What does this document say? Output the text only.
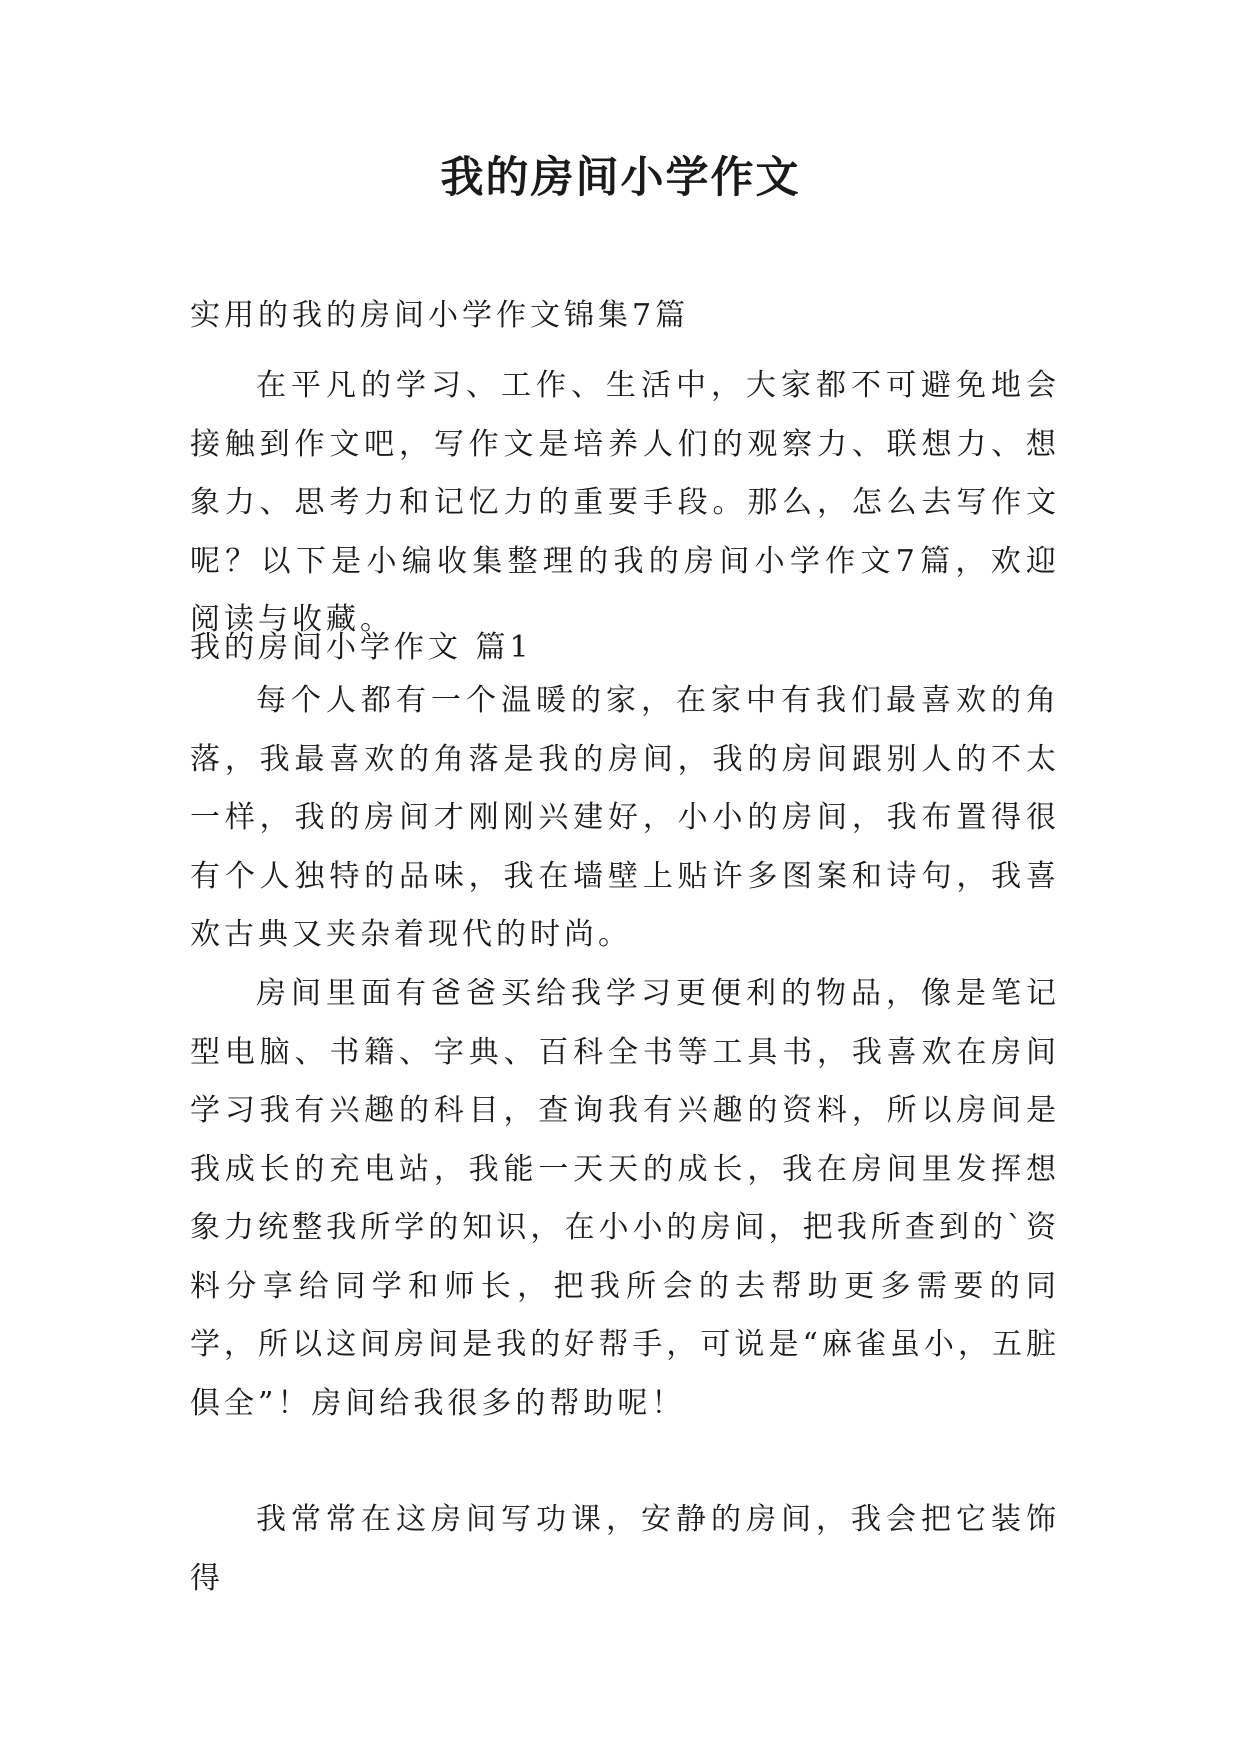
我的房间小学作文
实用的我的房间小学作文锦集7篇

在平凡的学习、工作、生活中，大家都不可避免地会接触到作文吧，写作文是培养人们的观察力、联想力、想象力、思考力和记忆力的重要手段。那么，怎么去写作文呢？以下是小编收集整理的我的房间小学作文7篇，欢迎阅读与收藏。

我的房间小学作文 篇1

每个人都有一个温暖的家，在家中有我们最喜欢的角落，我最喜欢的角落是我的房间，我的房间跟别人的不太一样，我的房间才刚刚兴建好，小小的房间，我布置得很有个人独特的品味，我在墙壁上贴许多图案和诗句，我喜欢古典又夹杂着现代的时尚。

房间里面有爸爸买给我学习更便利的物品，像是笔记型电脑、书籍、字典、百科全书等工具书，我喜欢在房间学习我有兴趣的科目，查询我有兴趣的资料，所以房间是我成长的充电站，我能一天天的成长，我在房间里发挥想象力统整我所学的知识，在小小的房间，把我所查到的`资料分享给同学和师长，把我所会的去帮助更多需要的同学，所以这间房间是我的好帮手，可说是“麻雀虽小，五脏俱全”！房间给我很多的帮助呢！

我常常在这房间写功课，安静的房间，我会把它装饰得
